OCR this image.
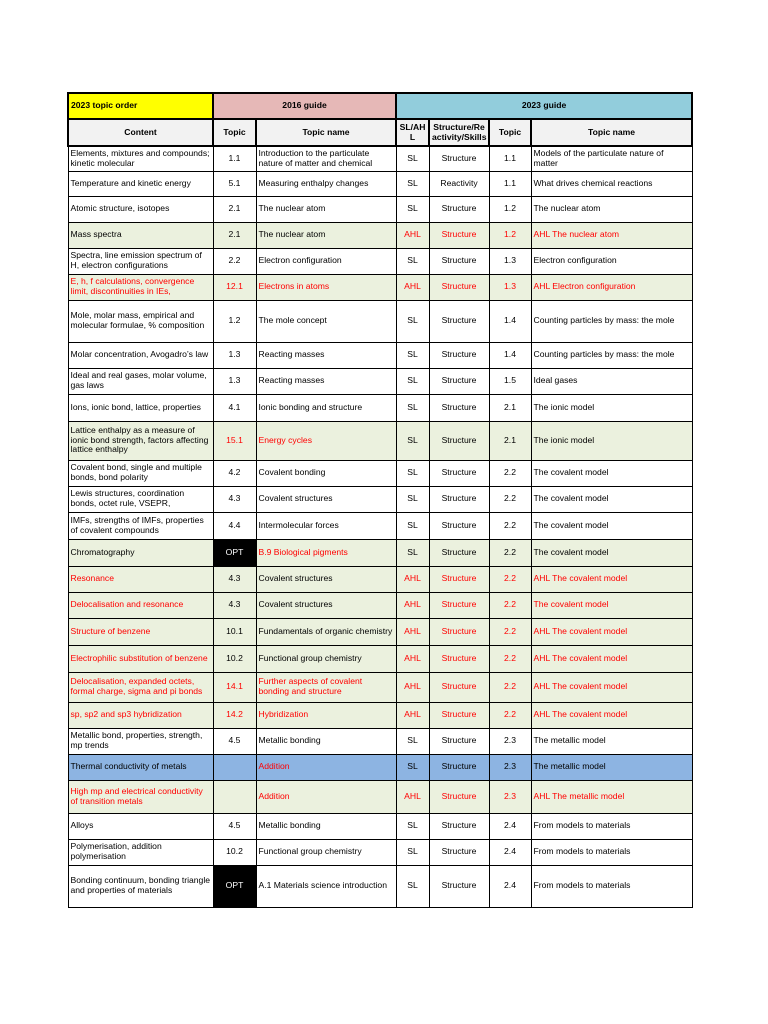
2023 topic order	2016 guide		2023 guide			
Content	Topic	Topic name	SL/AH L	Structure/Re activity/Skills	Topic	Topic name
Elements, mixtures and compounds; kinetic molecular	1.1	Introduction to the particulate nature of matter and chemical	SL	Structure	1.1	Models of the particulate nature of matter
Temperature and kinetic energy	5.1	Measuring enthalpy changes	SL	Reactivity	1.1	What drives chemical reactions
Atomic structure, isotopes	2.1	The nuclear atom	SL	Structure	1.2	The nuclear atom
Mass spectra	2.1	The nuclear atom	AHL	Structure	1.2	AHL The nuclear atom
Spectra, line emission spectrum of H, electron configurations	2.2	Electron configuration	SL	Structure	1.3	Electron configuration
E, h, f calculations, convergence limit, discontinuities in IEs,	12.1	Electrons in atoms	AHL	Structure	1.3	AHL Electron configuration
Mole, molar mass, empirical and molecular formulae, % composition	1.2	The mole concept	SL	Structure	1.4	Counting particles by mass: the mole
Molar concentration, Avogadro’s law	1.3	Reacting masses	SL	Structure	1.4	Counting particles by mass: the mole
Ideal and real gases, molar volume, gas laws	1.3	Reacting masses	SL	Structure	1.5	Ideal gases
Ions, ionic bond, lattice, properties	4.1	Ionic bonding and structure	SL	Structure	2.1	The ionic model
Lattice enthalpy as a measure of ionic bond strength, factors affecting lattice enthalpy	15.1	Energy cycles	SL	Structure	2.1	The ionic model
Covalent bond, single and multiple bonds, bond polarity	4.2	Covalent bonding	SL	Structure	2.2	The covalent model
Lewis structures, coordination bonds, octet rule, VSEPR,	4.3	Covalent structures	SL	Structure	2.2	The covalent model
IMFs, strengths of IMFs, properties of covalent compounds	4.4	Intermolecular forces	SL	Structure	2.2	The covalent model
Chromatography	OPT	B.9 Biological pigments	SL	Structure	2.2	The covalent model
Resonance	4.3	Covalent structures	AHL	Structure	2.2	AHL The covalent model
Delocalisation and resonance	4.3	Covalent structures	AHL	Structure	2.2	The covalent model
Structure of benzene	10.1	Fundamentals of organic chemistry	AHL	Structure	2.2	AHL The covalent model
Electrophilic substitution of benzene	10.2	Functional group chemistry	AHL	Structure	2.2	AHL The covalent model
Delocalisation, expanded octets, formal charge, sigma and pi bonds	14.1	Further aspects of covalent bonding and structure	AHL	Structure	2.2	AHL The covalent model
sp, sp2 and sp3 hybridization	14.2	Hybridization	AHL	Structure	2.2	AHL The covalent model
Metallic bond, properties, strength, mp trends	4.5	Metallic bonding	SL	Structure	2.3	The metallic model
Thermal conductivity of metals		Addition	SL	Structure	2.3	The metallic model
High mp and electrical conductivity of transition metals		Addition	AHL	Structure	2.3	AHL The metallic model
Alloys	4.5	Metallic bonding	SL	Structure	2.4	From models to materials
Polymerisation, addition polymerisation	10.2	Functional group chemistry	SL	Structure	2.4	From models to materials
Bonding continuum, bonding triangle and properties of materials	OPT	A.1 Materials science introduction	SL	Structure	2.4	From models to materials
